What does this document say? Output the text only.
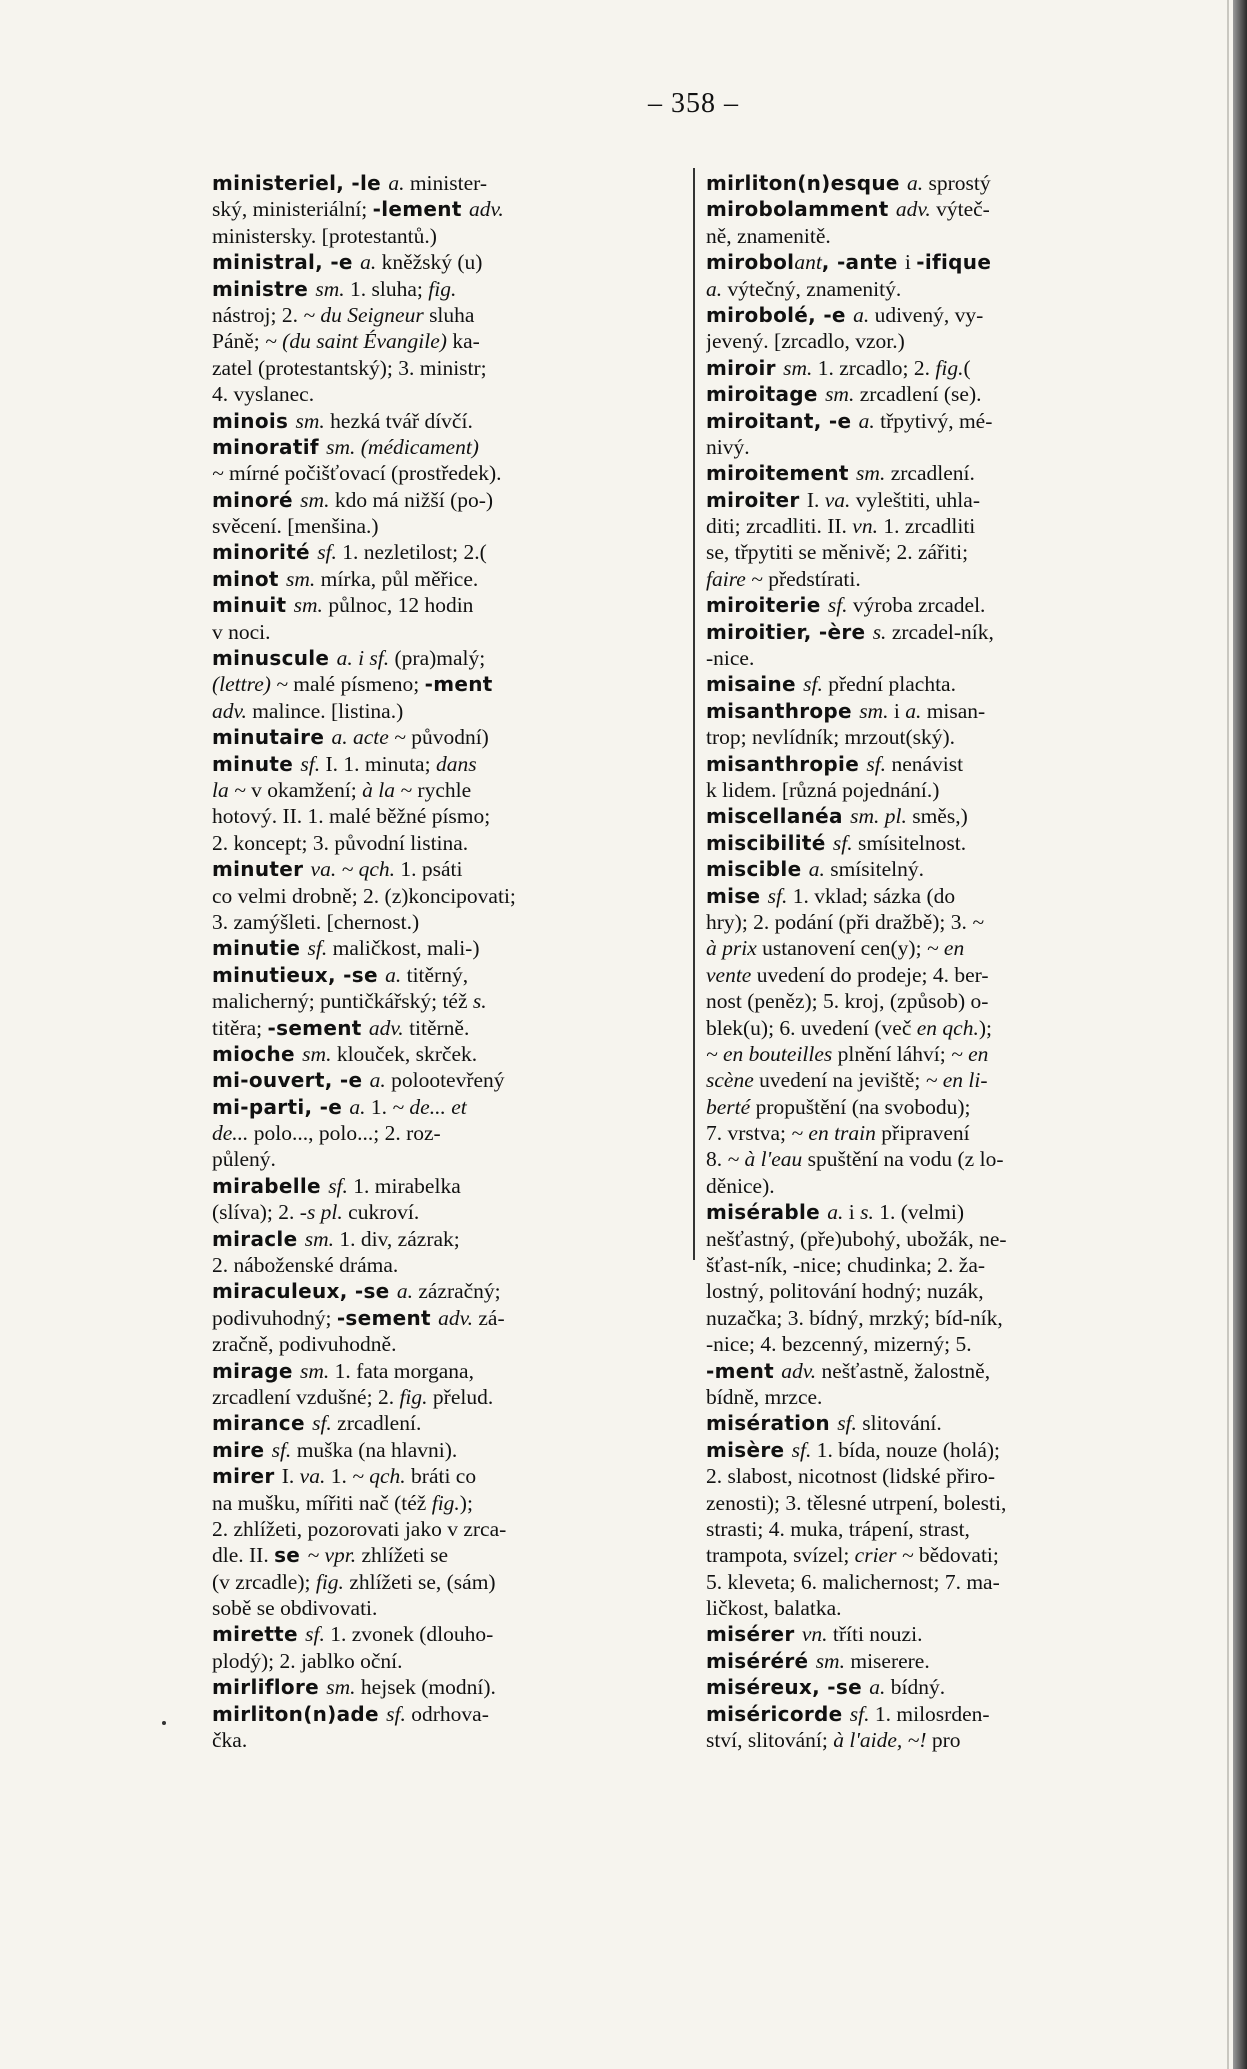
– 358 –
ministeriel, -le a. minister-
ský, ministeriální; -lement adv.
ministersky. [protestantů.)
ministral, -e a. kněžský (u)
ministre sm. 1. sluha; fig.
nástroj; 2. ~ du Seigneur sluha
Páně; ~ (du saint Évangile) ka-
zatel (protestantský); 3. ministr;
4. vyslanec.
minois sm. hezká tvář dívčí.
minoratif sm. (médicament)
~ mírné počišťovací (prostředek).
minoré sm. kdo má nižší (po-)
svěcení. [menšina.)
minorité sf. 1. nezletilost; 2.(
minot sm. mírka, půl měřice.
minuit sm. půlnoc, 12 hodin
v noci.
minuscule a. i sf. (pra)malý;
(lettre) ~ malé písmeno; -ment
adv. malince. [listina.)
minutaire a. acte ~ původní)
minute sf. I. 1. minuta; dans
la ~ v okamžení; à la ~ rychle
hotový. II. 1. malé běžné písmo;
2. koncept; 3. původní listina.
minuter va. ~ qch. 1. psáti
co velmi drobně; 2. (z)koncipovati;
3. zamýšleti. [chernost.)
minutie sf. maličkost, mali-)
minutieux, -se a. titěrný,
malicherný; puntičkářský; též s.
titěra; -sement adv. titěrně.
mioche sm. klouček, skrček.
mi-ouvert, -e a. polootevřený
mi-parti, -e a. 1. ~ de... et
de... polo..., polo...; 2. roz-
půlený.
mirabelle sf. 1. mirabelka
(slíva); 2. -s pl. cukroví.
miracle sm. 1. div, zázrak;
2. náboženské dráma.
miraculeux, -se a. zázračný;
podivuhodný; -sement adv. zá-
zračně, podivuhodně.
mirage sm. 1. fata morgana,
zrcadlení vzdušné; 2. fig. přelud.
mirance sf. zrcadlení.
mire sf. muška (na hlavni).
mirer I. va. 1. ~ qch. bráti co
na mušku, mířiti nač (též fig.);
2. zhlížeti, pozorovati jako v zrca-
dle. II. se ~ vpr. zhlížeti se
(v zrcadle); fig. zhlížeti se, (sám)
sobě se obdivovati.
mirette sf. 1. zvonek (dlouho-
plodý); 2. jablko oční.
mirliflore sm. hejsek (modní).
mirliton(n)ade sf. odrhova-
čka.
mirliton(n)esque a. sprostý
mirobolamment adv. výteč-
ně, znamenitě.
mirobolant, -ante i -ifique
a. výtečný, znamenitý.
mirobolé, -e a. udivený, vy-
jevený. [zrcadlo, vzor.)
miroir sm. 1. zrcadlo; 2. fig.(
miroitage sm. zrcadlení (se).
miroitant, -e a. třpytivý, mé-
nivý.
miroitement sm. zrcadlení.
miroiter I. va. vyleštiti, uhla-
diti; zrcadliti. II. vn. 1. zrcadliti
se, třpytiti se měnivě; 2. zářiti;
faire ~ předstírati.
miroiterie sf. výroba zrcadel.
miroitier, -ère s. zrcadel-ník,
-nice.
misaine sf. přední plachta.
misanthrope sm. i a. misan-
trop; nevlídník; mrzout(ský).
misanthropie sf. nenávist
k lidem. [různá pojednání.)
miscellanéa sm. pl. směs,)
miscibilité sf. smísitelnost.
miscible a. smísitelný.
mise sf. 1. vklad; sázka (do
hry); 2. podání (při dražbě); 3. ~
à prix ustanovení cen(y); ~ en
vente uvedení do prodeje; 4. ber-
nost (peněz); 5. kroj, (způsob) o-
blek(u); 6. uvedení (več en qch.);
~ en bouteilles plnění láhví; ~ en
scène uvedení na jeviště; ~ en li-
berté propuštění (na svobodu);
7. vrstva; ~ en train připravení
8. ~ à l'eau spuštění na vodu (z lo-
děnice).
misérable a. i s. 1. (velmi)
nešťastný, (pře)ubohý, ubožák, ne-
šťast-ník, -nice; chudinka; 2. ža-
lostný, politování hodný; nuzák,
nuzačka; 3. bídný, mrzký; bíd-ník,
-nice; 4. bezcenný, mizerný; 5.
-ment adv. nešťastně, žalostně,
bídně, mrzce.
misération sf. slitování.
misère sf. 1. bída, nouze (holá);
2. slabost, nicotnost (lidské přiro-
zenosti); 3. tělesné utrpení, bolesti,
strasti; 4. muka, trápení, strast,
trampota, svízel; crier ~ bědovati;
5. kleveta; 6. malichernost; 7. ma-
ličkost, balatka.
misérer vn. tříti nouzi.
miséréré sm. miserere.
miséreux, -se a. bídný.
miséricorde sf. 1. milosrden-
ství, slitování; à l'aide, ~! pro
